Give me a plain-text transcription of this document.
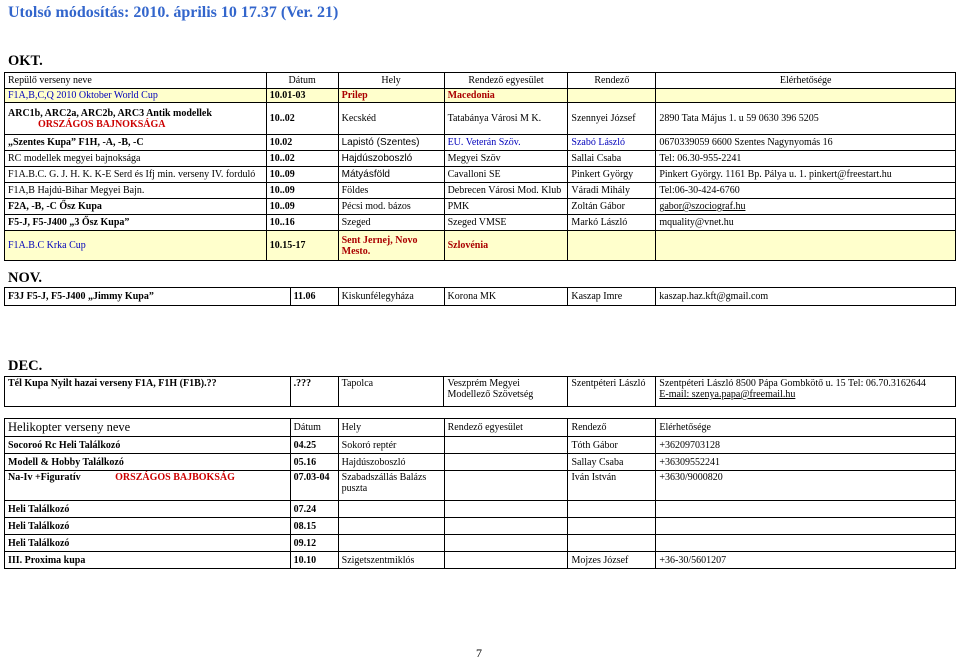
Utolsó módosítás: 2010. április 10 17.37 (Ver. 21)
OKT.
Repülő verseny neve	Dátum	Hely	Rendező egyesület	Rendező	Elérhetősége
F1A,B,C,Q 2010 Oktober World Cup	10.01-03	Prilep	Macedonia		

ARC1b, ARC2a, ARC2b, ARC3 Antik modellek
ORSZÁGOS BAJNOKSÁGA	10..02	Kecskéd	Tatabánya Városi M K.	Szennyei József	2890 Tata Május 1. u 59 0630 396 5205
„Szentes Kupa” F1H, -A, -B, -C	10.02	Lapistó (Szentes)	EU. Veterán Szöv.	Szabó László	0670339059 6600 Szentes Nagynyomás 16
RC modellek megyei bajnoksága	10..02	Hajdúszoboszló	Megyei Szöv	Sallai Csaba	Tel: 06.30-955-2241
F1A.B.C. G. J. H. K. K-E Serd és Ifj min. verseny IV. forduló	10..09	Mátyásföld	Cavalloni SE	Pinkert György	Pinkert György. 1161 Bp. Pálya u. 1. pinkert@freestart.hu
F1A,B Hajdú-Bihar Megyei Bajn.	10..09	Földes	Debrecen Városi Mod. Klub	Váradi Mihály	Tel:06-30-424-6760
F2A, -B, -C Ősz Kupa	10..09	Pécsi mod. bázos	PMK	Zoltán Gábor	gabor@szociograf.hu
F5-J, F5-J400 „3 Ősz Kupa”	10..16	Szeged	Szeged VMSE	Markó László	mquality@vnet.hu
F1A.B.C Krka Cup	10.15-17	Sent Jernej, Novo Mesto.	Szlovénia		
NOV.
F3J F5-J, F5-J400 „Jimmy Kupa”	11.06	Kiskunfélegyháza	Korona MK	Kaszap Imre	kaszap.haz.kft@gmail.com
DEC.
Tél Kupa Nyilt hazai verseny F1A, F1H (F1B).??	.???	Tapolca	Veszprém Megyei Modellező Szövetség	Szentpéteri László	Szentpéteri László 8500 Pápa Gombkötő u. 15 Tel: 06.70.3162644
E-mail: szenya.papa@freemail.hu
Helikopter verseny neve	Dátum	Hely	Rendező egyesület	Rendező	Elérhetősége
Socoroó Rc Heli Találkozó	04.25	Sokoró reptér		Tóth Gábor	+36209703128
Modell & Hobby Találkozó	05.16	Hajdúszoboszló		Sallay Csaba	+36309552241
Na-Iv +Figuratív ORSZÁGOS BAJBOKSÁG	07.03-04	Szabadszállás Balázs puszta		Iván István	+3630/9000820
Heli Találkozó	07.24				
Heli Találkozó	08.15				
Heli Találkozó	09.12				
III. Proxima kupa	10.10	Szigetszentmiklós		Mojzes József	+36-30/5601207
7
